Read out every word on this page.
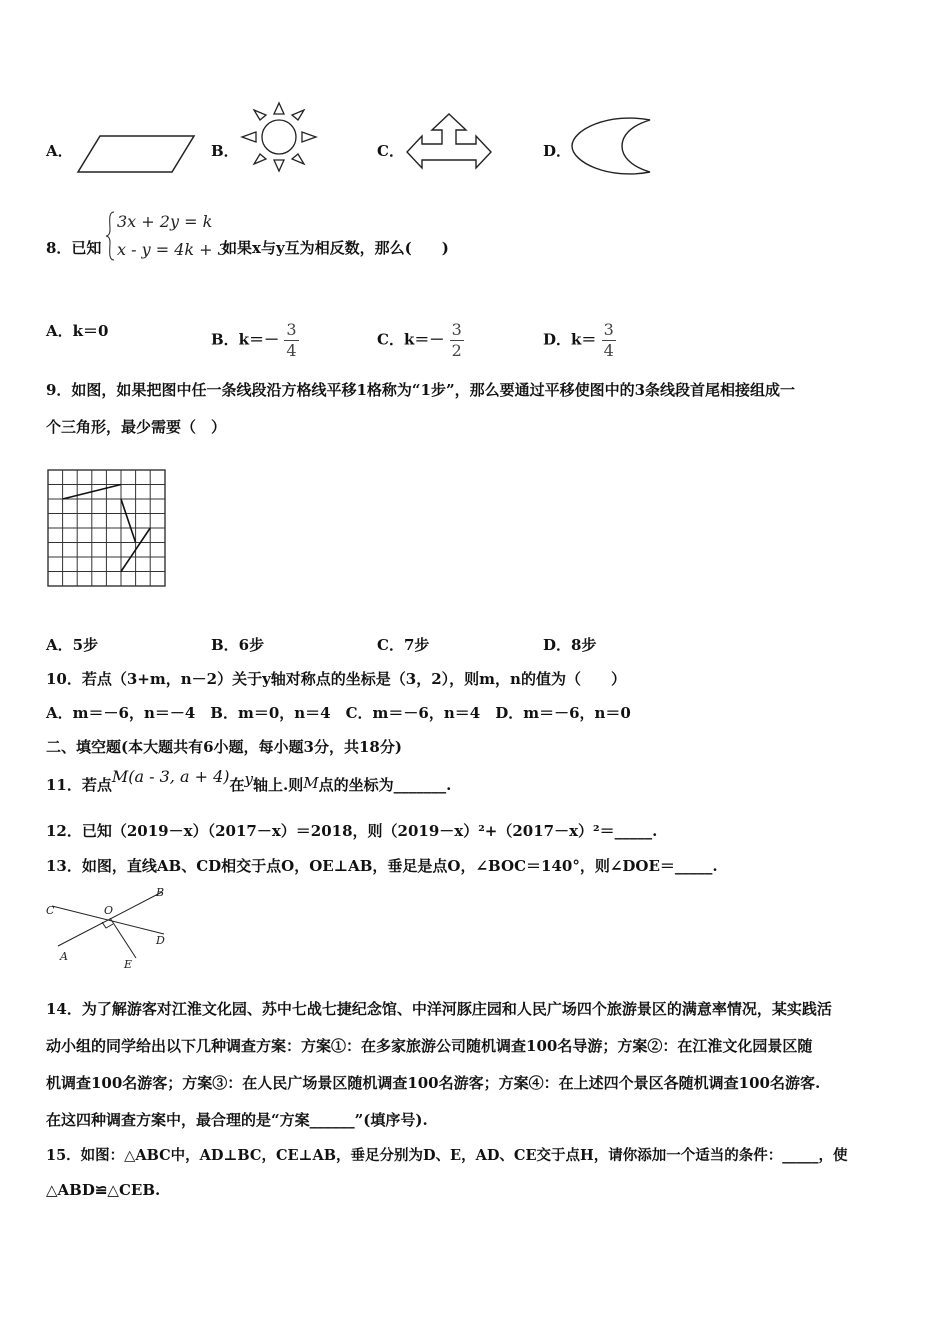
A．	B．	C．	D．
8．已知
3x + 2y = k
x - y = 4k + 3
如果x与y互为相反数，那么(　　)
A．k＝0	B．$k=- \frac{3}{4}$	C．$k=- \frac{3}{2}$	D．$k= \frac{3}{4}$
9．如图，如果把图中任一条线段沿方格线平移1格称为“1步”，那么要通过平移使图中的3条线段首尾相接组成一
个三角形，最少需要（　）
A．5步	B．6步	C．7步	D．8步
10．若点（3+m，n－2）关于y轴对称点的坐标是（3，2），则m，n的值为（　　）
A．m＝－6，n＝－4　B．m＝0，n＝4　C．m＝－6，n＝4　D．m＝－6，n＝0
二、填空题(本大题共有6小题，每小题3分，共18分)
11．若点M(a - 3, a + 4)在y轴上.则M点的坐标为_______.
12．已知（2019－x）（2017－x）＝2018，则（2019－x）²+（2017－x）²＝_____.
13．如图，直线AB、CD相交于点O，OE⊥AB，垂足是点O，∠BOC＝140°，则∠DOE＝_____.
C
B
O
D
A
E
14．为了解游客对江淮文化园、苏中七战七捷纪念馆、中洋河豚庄园和人民广场四个旅游景区的满意率情况，某实践活
动小组的同学给出以下几种调查方案：方案①：在多家旅游公司随机调查100名导游；方案②：在江淮文化园景区随
机调查100名游客；方案③：在人民广场景区随机调查100名游客；方案④：在上述四个景区各随机调查100名游客.
在这四种调查方案中，最合理的是“方案______”(填序号).
15．如图：△ABC中，AD⊥BC，CE⊥AB，垂足分别为D、E，AD、CE交于点H，请你添加一个适当的条件：_____，使
△ABD≌△CEB.
